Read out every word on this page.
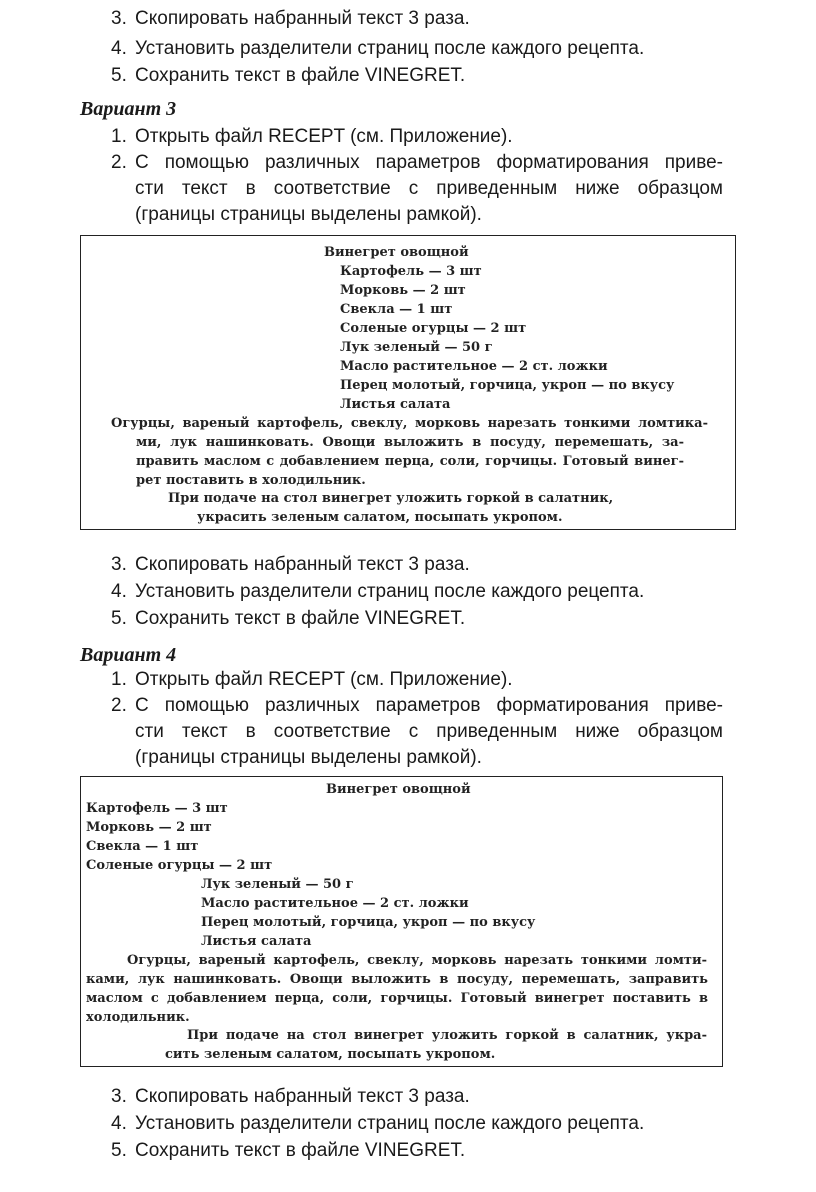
3. Скопировать набранный текст 3 раза.
4. Установить разделители страниц после каждого рецепта.
5. Сохранить текст в файле VINEGRET.
Вариант 3
1. Открыть файл RECEPT (см. Приложение).
2. С помощью различных параметров форматирования приве-
сти текст в соответствие с приведенным ниже образцом
(границы страницы выделены рамкой).
Винегрет овощной
Картофель — 3 шт
Морковь — 2 шт
Свекла — 1 шт
Соленые огурцы — 2 шт
Лук зеленый — 50 г
Масло растительное — 2 ст. ложки
Перец молотый, горчица, укроп — по вкусу
Листья салата
Огурцы, вареный картофель, свеклу, морковь нарезать тонкими ломтика-
ми, лук нашинковать. Овощи выложить в посуду, перемешать, за-
править маслом с добавлением перца, соли, горчицы. Готовый винег-
рет поставить в холодильник.
При подаче на стол винегрет уложить горкой в салатник,
украсить зеленым салатом, посыпать укропом.
3. Скопировать набранный текст 3 раза.
4. Установить разделители страниц после каждого рецепта.
5. Сохранить текст в файле VINEGRET.
Вариант 4
1. Открыть файл RECEPT (см. Приложение).
2. С помощью различных параметров форматирования приве-
сти текст в соответствие с приведенным ниже образцом
(границы страницы выделены рамкой).
Винегрет овощной
Картофель — 3 шт
Морковь — 2 шт
Свекла — 1 шт
Соленые огурцы — 2 шт
Лук зеленый — 50 г
Масло растительное — 2 ст. ложки
Перец молотый, горчица, укроп — по вкусу
Листья салата
Огурцы, вареный картофель, свеклу, морковь нарезать тонкими ломти-
ками, лук нашинковать. Овощи выложить в посуду, перемешать, заправить
маслом с добавлением перца, соли, горчицы. Готовый винегрет поставить в
холодильник.
При подаче на стол винегрет уложить горкой в салатник, укра-
сить зеленым салатом, посыпать укропом.
3. Скопировать набранный текст 3 раза.
4. Установить разделители страниц после каждого рецепта.
5. Сохранить текст в файле VINEGRET.
